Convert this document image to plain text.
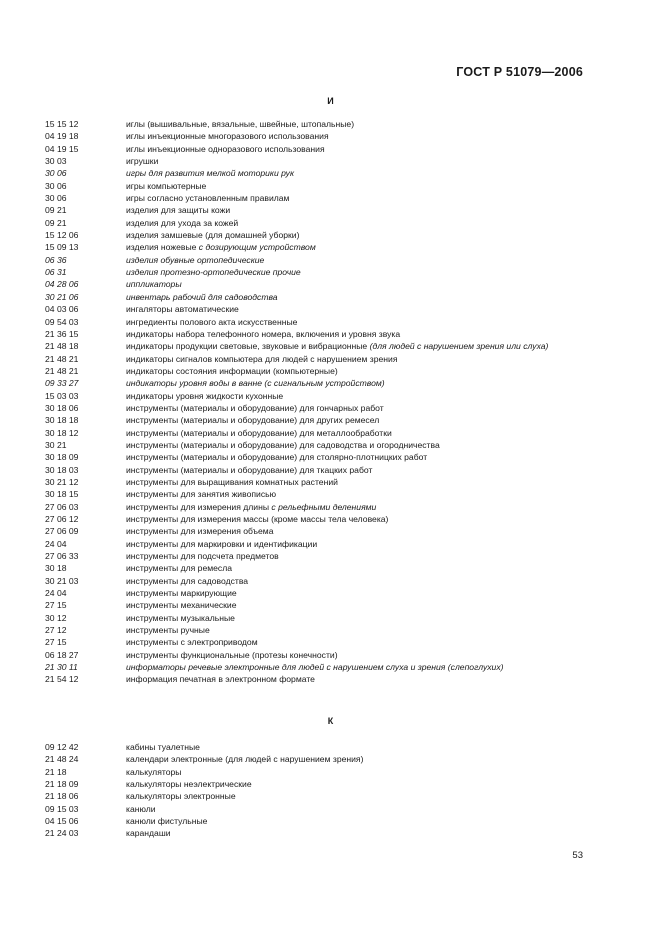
ГОСТ Р 51079—2006
И
15 15 12	иглы (вышивальные, вязальные, швейные, штопальные)
04 19 18	иглы инъекционные многоразового использования
04 19 15	иглы инъекционные одноразового использования
30 03	игрушки
30 06	игры для развития мелкой моторики рук
30 06	игры компьютерные
30 06	игры согласно установленным правилам
09 21	изделия для защиты кожи
09 21	изделия для ухода за кожей
15 12 06	изделия замшевые (для домашней уборки)
15 09 13	изделия ножевые с дозирующим устройством
06 36	изделия обувные ортопедические
06 31	изделия протезно-ортопедические прочие
04 28 06	иппликаторы
30 21 06	инвентарь рабочий для садоводства
04 03 06	ингаляторы автоматические
09 54 03	ингредиенты полового акта искусственные
21 36 15	индикаторы набора телефонного номера, включения и уровня звука
21 48 18	индикаторы продукции световые, звуковые и вибрационные (для людей с нарушением зрения или слуха)
21 48 21	индикаторы сигналов компьютера для людей с нарушением зрения
21 48 21	индикаторы состояния информации (компьютерные)
09 33 27	индикаторы уровня воды в ванне (с сигнальным устройством)
15 03 03	индикаторы уровня жидкости кухонные
30 18 06	инструменты (материалы и оборудование) для гончарных работ
30 18 18	инструменты (материалы и оборудование) для других ремесел
30 18 12	инструменты (материалы и оборудование) для металлообработки
30 21	инструменты (материалы и оборудование) для садоводства и огородничества
30 18 09	инструменты (материалы и оборудование) для столярно-плотницких работ
30 18 03	инструменты (материалы и оборудование) для ткацких работ
30 21 12	инструменты для выращивания комнатных растений
30 18 15	инструменты для занятия живописью
27 06 03	инструменты для измерения длины с рельефными делениями
27 06 12	инструменты для измерения массы (кроме массы тела человека)
27 06 09	инструменты для измерения объема
24 04	инструменты для маркировки и идентификации
27 06 33	инструменты для подсчета предметов
30 18	инструменты для ремесла
30 21 03	инструменты для садоводства
24 04	инструменты маркирующие
27 15	инструменты механические
30 12	инструменты музыкальные
27 12	инструменты ручные
27 15	инструменты с электроприводом
06 18 27	инструменты функциональные (протезы конечности)
21 30 11	информаторы речевые электронные для людей с нарушением слуха и зрения (слепоглухих)
21 54 12	информация печатная в электронном формате
К
09 12 42	кабины туалетные
21 48 24	календари электронные (для людей с нарушением зрения)
21 18	калькуляторы
21 18 09	калькуляторы неэлектрические
21 18 06	калькуляторы электронные
09 15 03	канюли
04 15 06	канюли фистульные
21 24 03	карандаши
53
